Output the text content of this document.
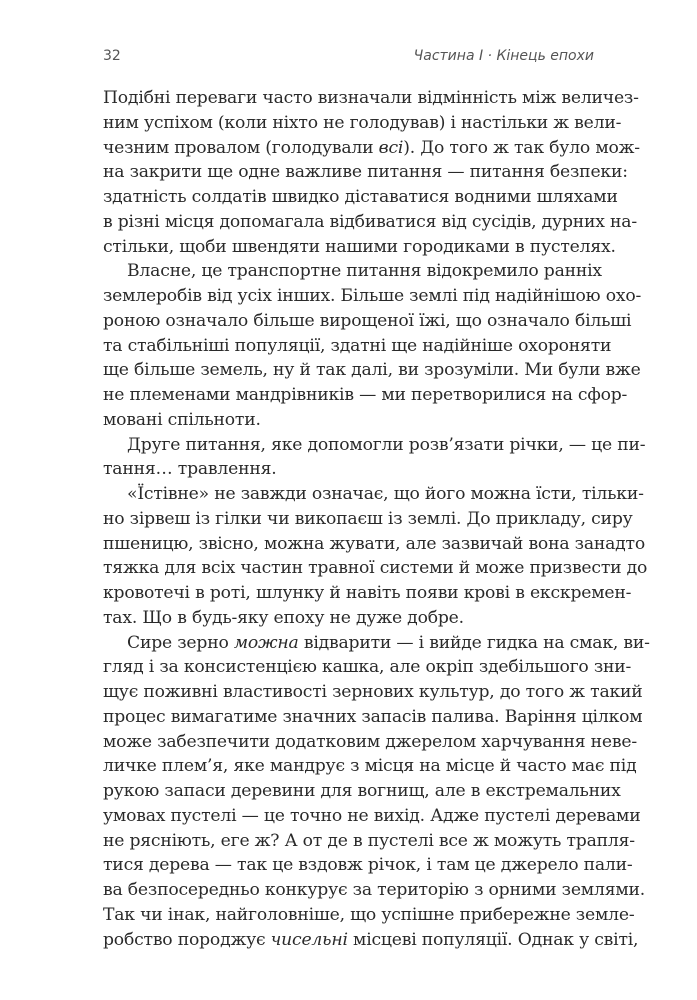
32	Частина I · Кінець епохи
Подібні переваги часто визначали відмінність між величез-
ним успіхом (коли ніхто не голодував) і настільки ж вели-
чезним провалом (голодували всі). До того ж так було мож-
на закрити ще одне важливе питання — питання безпеки:
здатність солдатів швидко діставатися водними шляхами
в різні місця допомагала відбиватися від сусідів, дурних на-
стільки, щоби швендяти нашими городиками в пустелях.
Власне, це транспортне питання відокремило ранніх
землеробів від усіх інших. Більше землі під надійнішою охо-
роною означало більше вирощеної їжі, що означало більші
та стабільніші популяції, здатні ще надійніше охороняти
ще більше земель, ну й так далі, ви зрозуміли. Ми були вже
не племенами мандрівників — ми перетворилися на сфор-
мовані спільноти.
Друге питання, яке допомогли розв’язати річки, — це пи-
тання… травлення.
«Їстівне» не завжди означає, що його можна їсти, тільки-
но зірвеш із гілки чи викопаєш із землі. До прикладу, сиру
пшеницю, звісно, можна жувати, але зазвичай вона занадто
тяжка для всіх частин травної системи й може призвести до
кровотечі в роті, шлунку й навіть появи крові в екскремен-
тах. Що в будь-яку епоху не дуже добре.
Сире зерно можна відварити — і вийде гидка на смак, ви-
гляд і за консистенцією кашка, але окріп здебільшого зни-
щує поживні властивості зернових культур, до того ж такий
процес вимагатиме значних запасів палива. Варіння цілком
може забезпечити додатковим джерелом харчування неве-
личке плем’я, яке мандрує з місця на місце й часто має під
рукою запаси деревини для вогнищ, але в екстремальних
умовах пустелі — це точно не вихід. Адже пустелі деревами
не рясніють, еге ж? А от де в пустелі все ж можуть трапля-
тися дерева — так це вздовж річок, і там це джерело пали-
ва безпосередньо конкурує за територію з орними землями.
Так чи інак, найголовніше, що успішне прибережне земле-
робство породжує чисельні місцеві популяції. Однак у світі,
